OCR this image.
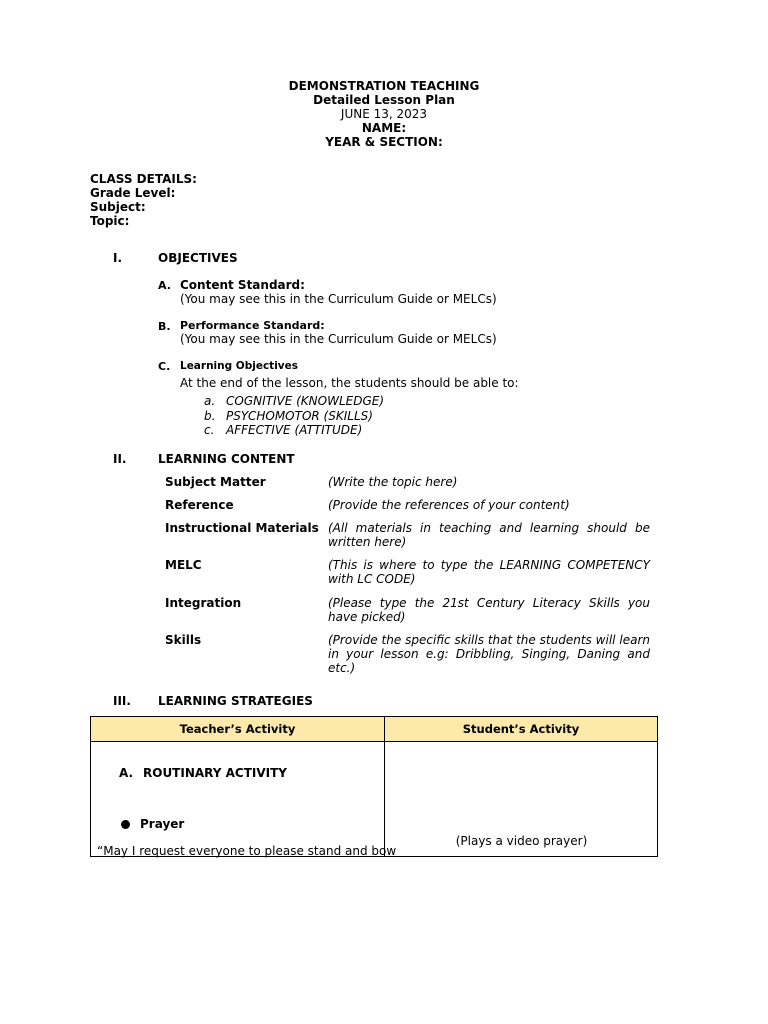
DEMONSTRATION TEACHING
Detailed Lesson Plan
JUNE 13, 2023
NAME:
YEAR & SECTION:
CLASS DETAILS:
Grade Level:
Subject:
Topic:
I.	OBJECTIVES
A. Content Standard:
(You may see this in the Curriculum Guide or MELCs)
B. Performance Standard:
(You may see this in the Curriculum Guide or MELCs)
C. Learning Objectives
At the end of the lesson, the students should be able to:
a. COGNITIVE (KNOWLEDGE)
b. PSYCHOMOTOR (SKILLS)
c. AFFECTIVE (ATTITUDE)
II.	LEARNING CONTENT
Subject Matter	(Write the topic here)
Reference	(Provide the references of your content)
Instructional Materials (All materials in teaching and learning should be written here)
MELC	(This is where to type the LEARNING COMPETENCY with LC CODE)
Integration	(Please type the 21st Century Literacy Skills you have picked)
Skills	(Provide the specific skills that the students will learn in your lesson e.g: Dribbling, Singing, Daning and etc.)
III. LEARNING STRATEGIES
Teacher’s Activity	Student’s Activity

A. ROUTINARY ACTIVITY
Prayer
“May I request everyone to please stand and bow	(Plays a video prayer)
